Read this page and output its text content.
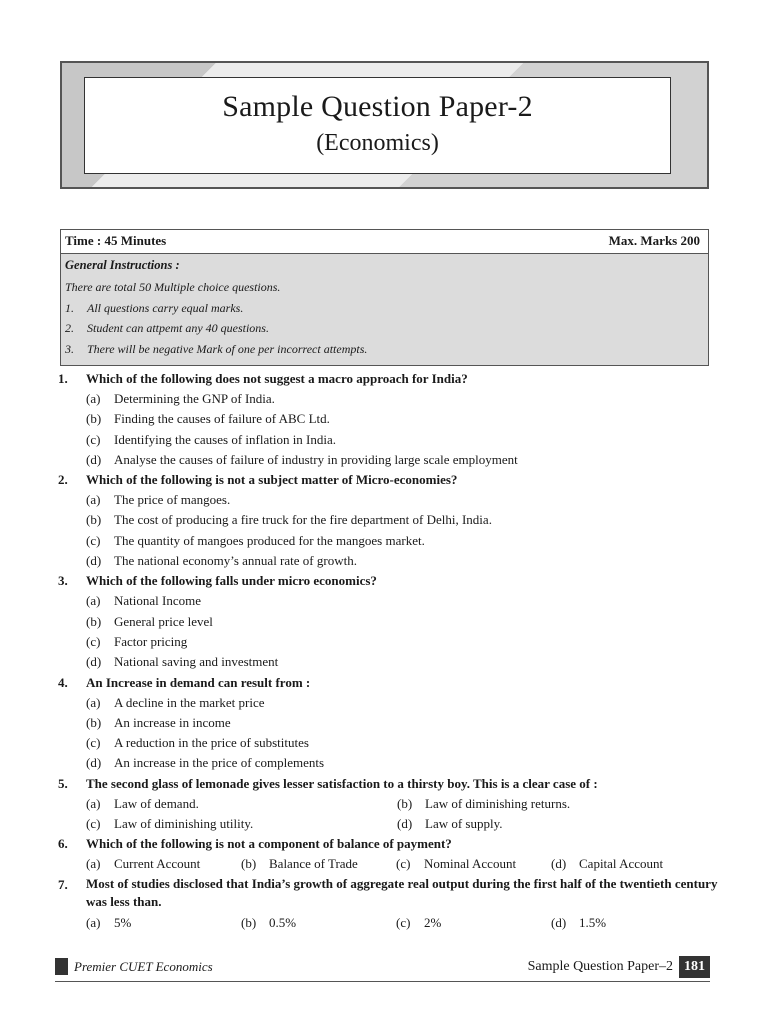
Sample Question Paper-2
(Economics)
Time : 45 Minutes	Max. Marks 200
General Instructions :
There are total 50 Multiple choice questions.
1.	All questions carry equal marks.
2.	Student can attpemt any 40 questions.
3.	There will be negative Mark of one per incorrect attempts.
1.	Which of the following does not suggest a macro approach for India?
(a)	Determining the GNP of India.
(b) Finding the causes of failure of ABC Ltd.
(c)	Identifying the causes of inflation in India.
(d) Analyse the causes of failure of industry in providing large scale employment
2.	Which of the following is not a subject matter of Micro-economies?
(a)	The price of mangoes.
(b) The cost of producing a fire truck for the fire department of Delhi, India.
(c)	The quantity of mangoes produced for the mangoes market.
(d) The national economy’s annual rate of growth.
3.	Which of the following falls under micro economics?
(a)	National Income
(b) General price level
(c)	Factor pricing
(d) National saving and investment
4.	An Increase in demand can result from :
(a)	A decline in the market price
(b) An increase in income
(c)	A reduction in the price of substitutes
(d) An increase in the price of complements
5.	The second glass of lemonade gives lesser satisfaction to a thirsty boy. This is a clear case of :
(a)	Law of demand.	(b) Law of diminishing returns.
(c)	Law of diminishing utility.	(d) Law of supply.
6.	Which of the following is not a component of balance of payment?
(a)	Current Account	(b) Balance of Trade	(c)	Nominal Account	(d) Capital Account
7.	Most of studies disclosed that India’s growth of aggregate real output during the first half of the twentieth century was less than.
(a)	5%	(b) 0.5%	(c)	2%	(d) 1.5%
Premier CUET Economics	Sample Question Paper–2 181
